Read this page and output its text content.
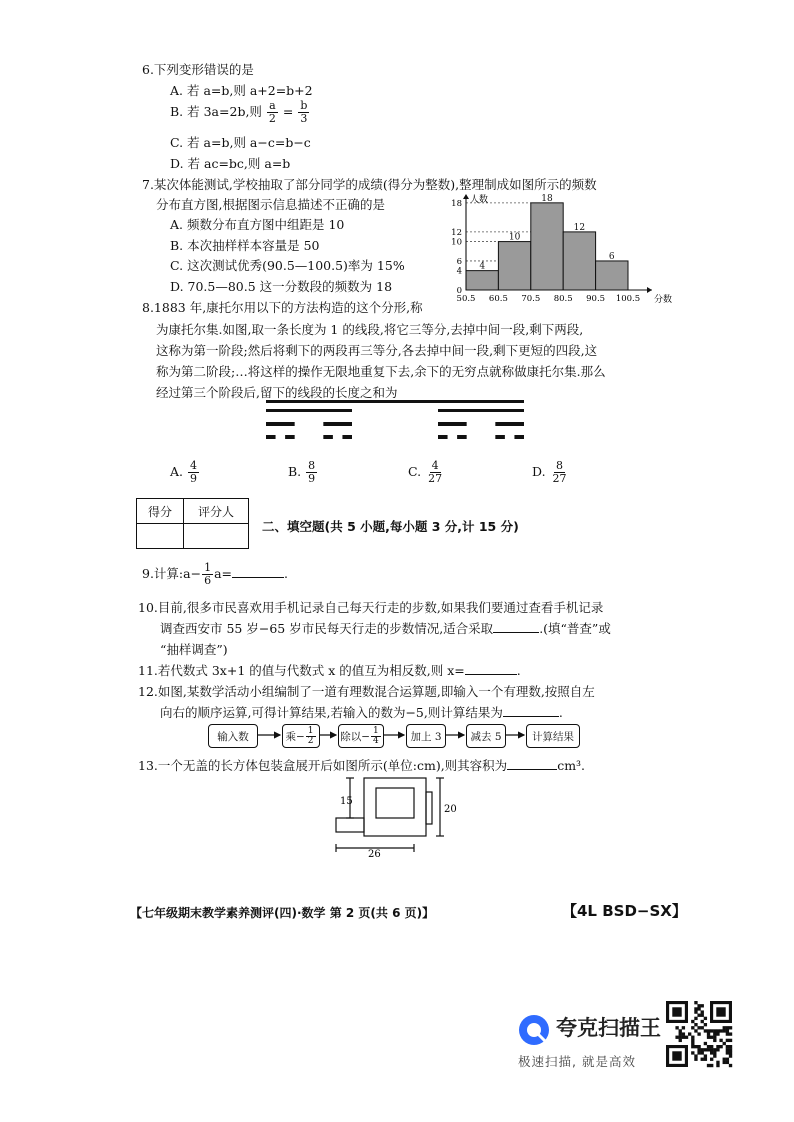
6.下列变形错误的是
A. 若 a=b,则 a+2=b+2
B. 若 3a=2b,则 $\frac{a}{2} = \frac{b}{3}$
C. 若 a=b,则 a−c=b−c
D. 若 ac=bc,则 a=b
7.某次体能测试,学校抽取了部分同学的成绩(得分为整数),整理制成如图所示的频数
分布直方图,根据图示信息描述不正确的是
A. 频数分布直方图中组距是 10
B. 本次抽样样本容量是 50
C. 这次测试优秀(90.5—100.5)率为 15%
D. 70.5—80.5 这一分数段的频数为 18
4
10
18
12
6
0
4
6
10
12
18
50.5 60.5 70.5 80.5 90.5 100.5
人数
分数
8.1883 年,康托尔用以下的方法构造的这个分形,称
为康托尔集.如图,取一条长度为 1 的线段,将它三等分,去掉中间一段,剩下两段,
这称为第一阶段;然后将剩下的两段再三等分,各去掉中间一段,剩下更短的四段,这
称为第二阶段;…将这样的操作无限地重复下去,余下的无穷点就称做康托尔集.那么
经过第三个阶段后,留下的线段的长度之和为
A. $\frac{4}{9}$	B. $\frac{8}{9}$	C. $\frac{4}{27}$	D. $\frac{8}{27}$
得分	评分人

二、填空题(共 5 小题,每小题 3 分,计 15 分)
9.计算:a− $\frac{1}{6} a=$	.
10.目前,很多市民喜欢用手机记录自己每天行走的步数,如果我们要通过查看手机记录
调查西安市 55 岁−65 岁市民每天行走的步数情况,适合采取	.(填“普查”或
“抽样调查”)
11.若代数式 3x+1 的值与代数式 x 的值互为相反数,则 x=	.
12.如图,某数学活动小组编制了一道有理数混合运算题,即输入一个有理数,按照自左
向右的顺序运算,可得计算结果,若输入的数为−5,则计算结果为	.
输入数	乘− $\frac{1}{2}$ 除以− $\frac{1}{4}$	加上 3	减去 5	计算结果
13.一个无盖的长方体包装盒展开后如图所示(单位:cm),则其容积为	cm³.
15
20
26
【七年级期末教学素养测评(四)·数学 第 2 页(共 6 页)】	【4L BSD−SX】
夸克扫描王
极速扫描, 就是高效
